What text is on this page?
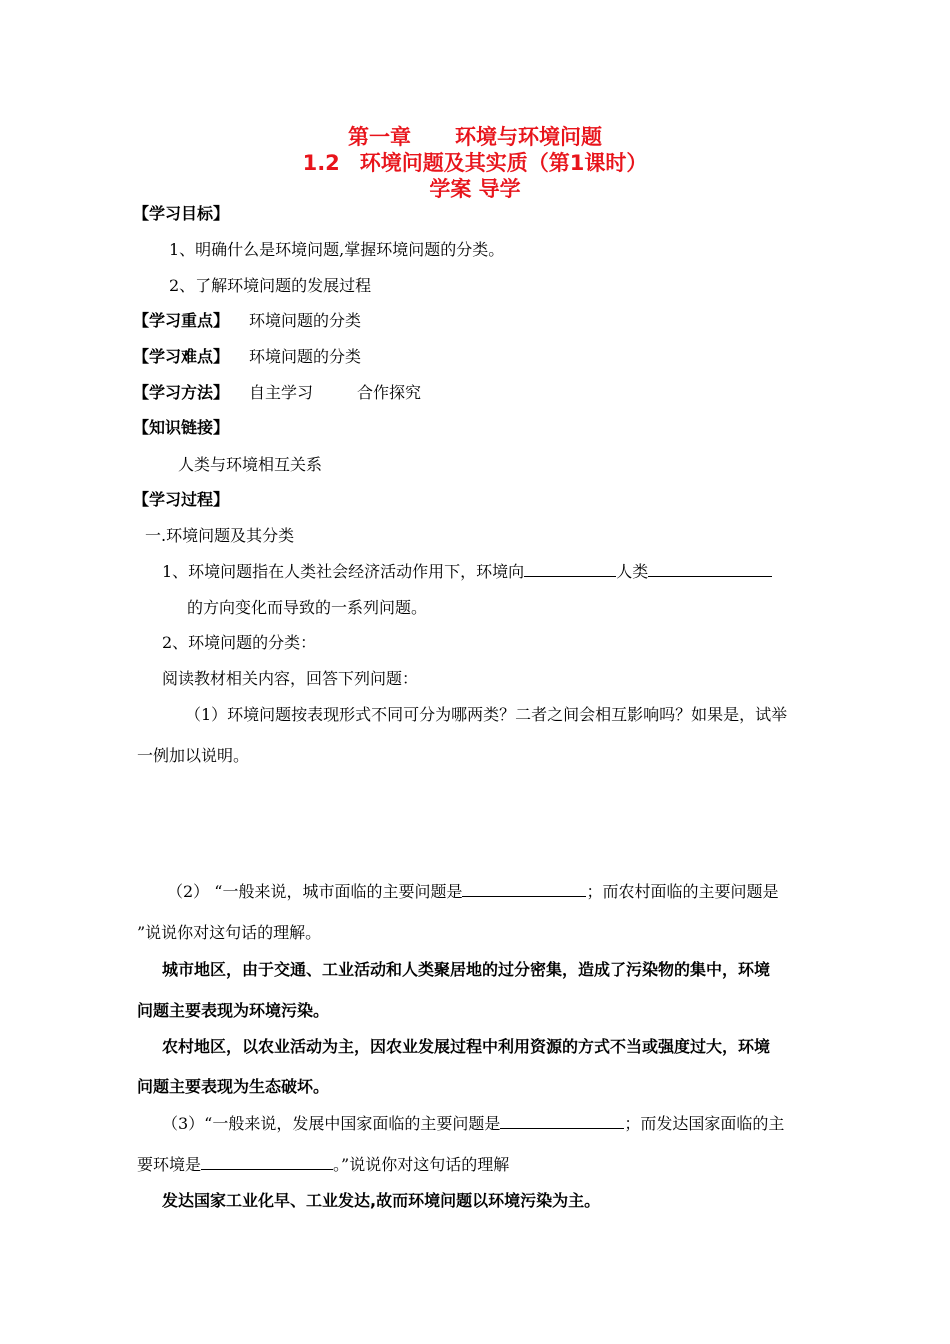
第一章 环境与环境问题
1.2 环境问题及其实质（第1课时）
学案 导学
【学习目标】
1、明确什么是环境问题,掌握环境问题的分类。
2、了解环境问题的发展过程
【学习重点】 环境问题的分类
【学习难点】 环境问题的分类
【学习方法】 自主学习	合作探究
【知识链接】
人类与环境相互关系
【学习过程】
一.环境问题及其分类
1、环境问题指在人类社会经济活动作用下，环境向	人类
的方向变化而导致的一系列问题。
2、环境问题的分类：
阅读教材相关内容，回答下列问题：
（1）环境问题按表现形式不同可分为哪两类？二者之间会相互影响吗？如果是，试举
一例加以说明。
（2） “一般来说，城市面临的主要问题是	；而农村面临的主要问题是
”说说你对这句话的理解。
城市地区，由于交通、工业活动和人类聚居地的过分密集，造成了污染物的集中，环境
问题主要表现为环境污染。
农村地区，以农业活动为主，因农业发展过程中利用资源的方式不当或强度过大，环境
问题主要表现为生态破坏。
（3）“一般来说，发展中国家面临的主要问题是	；而发达国家面临的主
要环境是	。”说说你对这句话的理解
发达国家工业化早、工业发达,故而环境问题以环境污染为主。
